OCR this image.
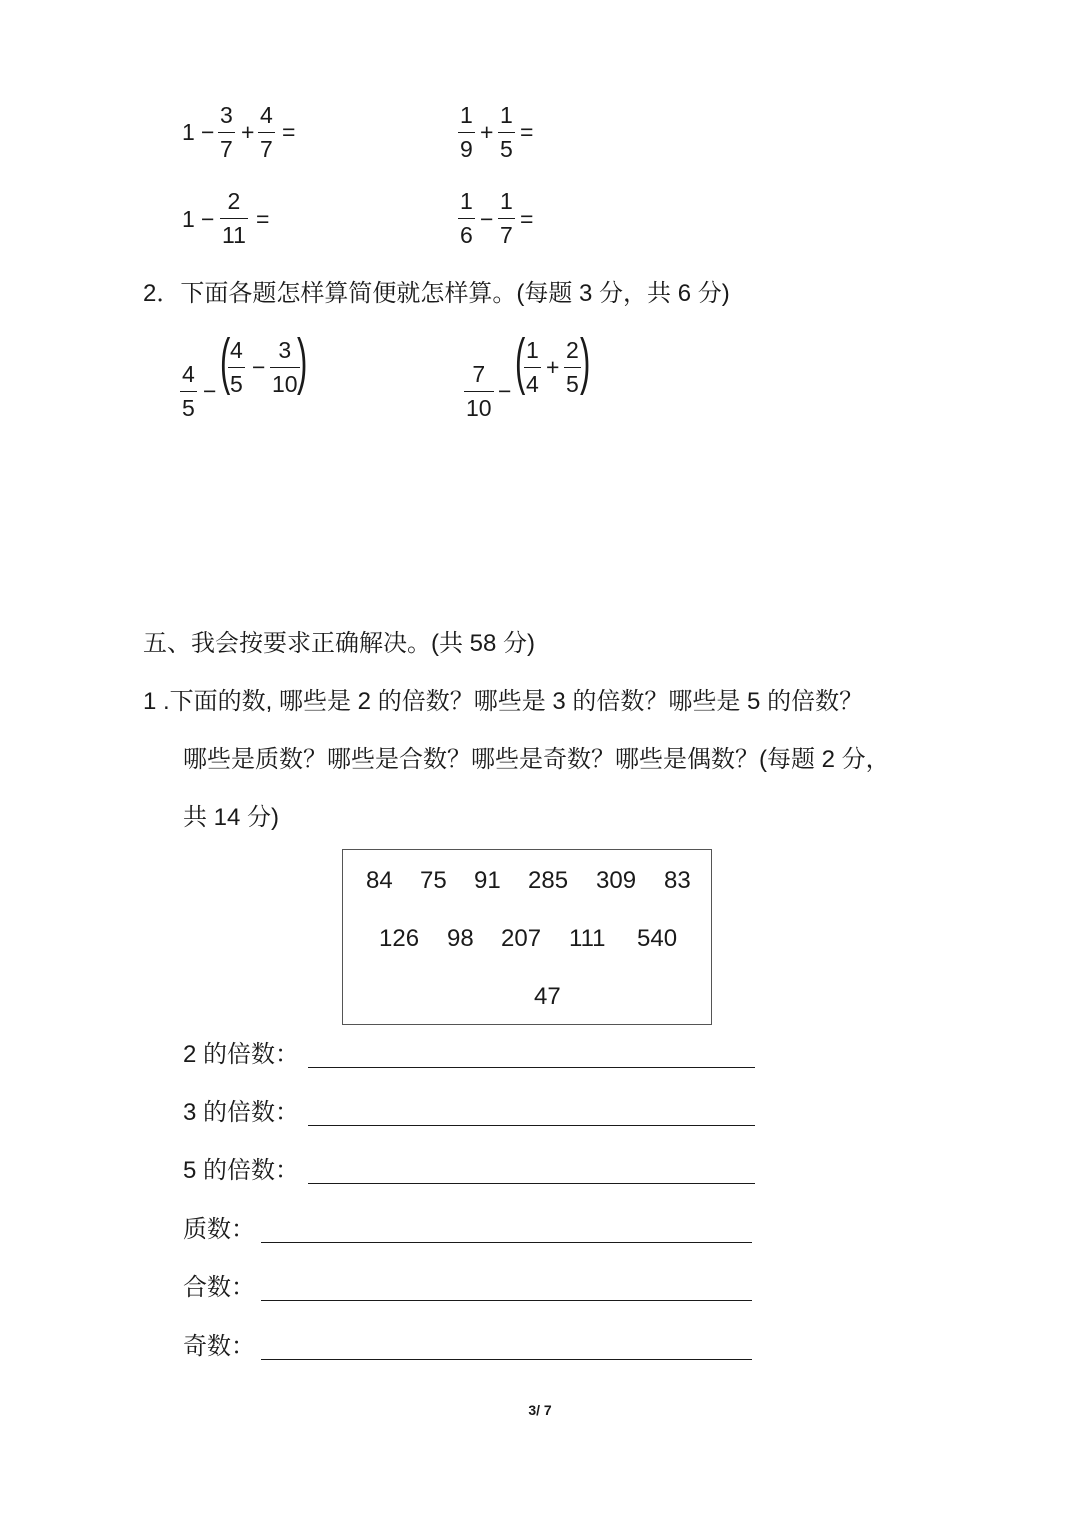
$1 - \frac{3}{7} + \frac{4}{7}$ =	$\frac{1}{9} + \frac{1}{5}$ =
$1 - \frac{2}{11}$ =	$\frac{1}{6} - \frac{1}{7}$ =
2．下面各题怎样算简便就怎样算。(每题 3 分，共 6 分)
$\frac{4}{5}$ − (
$\frac{4}{5} - \frac{3}{10}$
)	$\frac{7}{10}$ − (
$\frac{1}{4} + \frac{2}{5}$ )
五、我会按要求正确解决。(共 58 分)
1 .下面的数, 哪些是 2 的倍数？哪些是 3 的倍数？哪些是 5 的倍数？
哪些是质数？哪些是合数？哪些是奇数？哪些是偶数？(每题 2 分，
共 14 分)
84	75	91	285	309	83
126	98	207	111	540
47
2 的倍数：
3 的倍数：
5 的倍数：
质数：
合数：
奇数：
3/ 7
